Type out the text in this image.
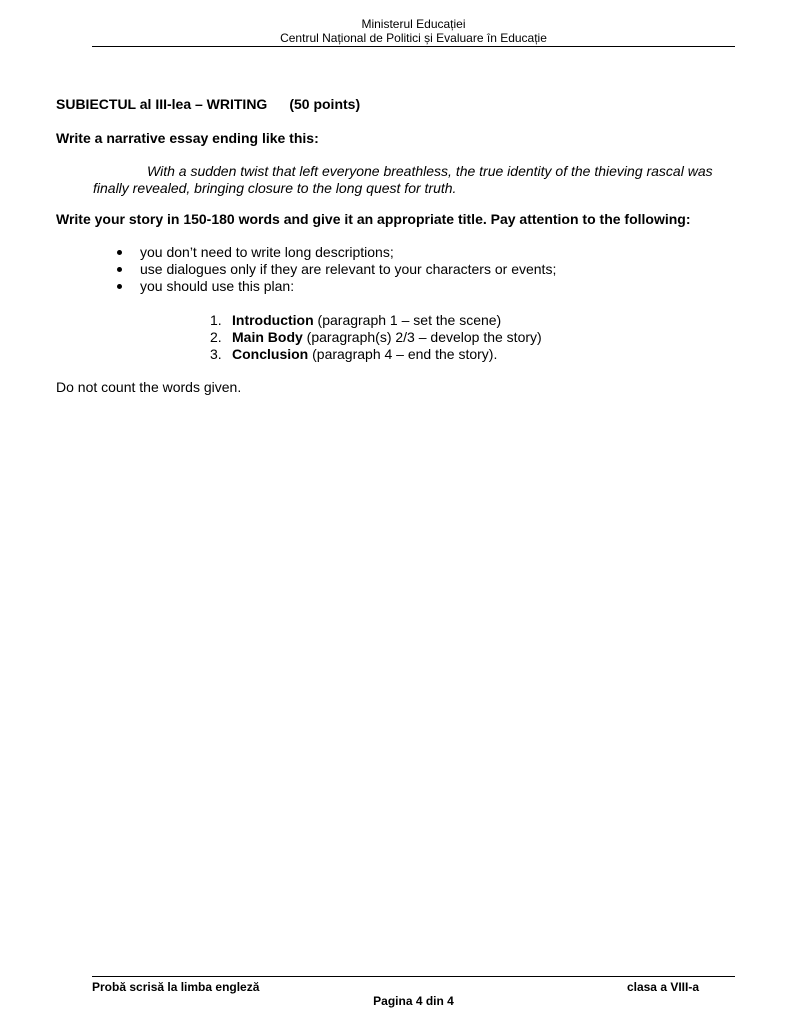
Ministerul Educației
Centrul Național de Politici și Evaluare în Educație
SUBIECTUL al III-lea – WRITING (50 points)
Write a narrative essay ending like this:
With a sudden twist that left everyone breathless, the true identity of the thieving rascal was finally revealed, bringing closure to the long quest for truth.
Write your story in 150-180 words and give it an appropriate title. Pay attention to the following:
you don’t need to write long descriptions;
use dialogues only if they are relevant to your characters or events;
you should use this plan:
1. Introduction (paragraph 1 – set the scene)
2. Main Body (paragraph(s) 2/3 – develop the story)
3. Conclusion (paragraph 4 – end the story).
Do not count the words given.
Probă scrisă la limba engleză	clasa a VIII-a
Pagina 4 din 4
